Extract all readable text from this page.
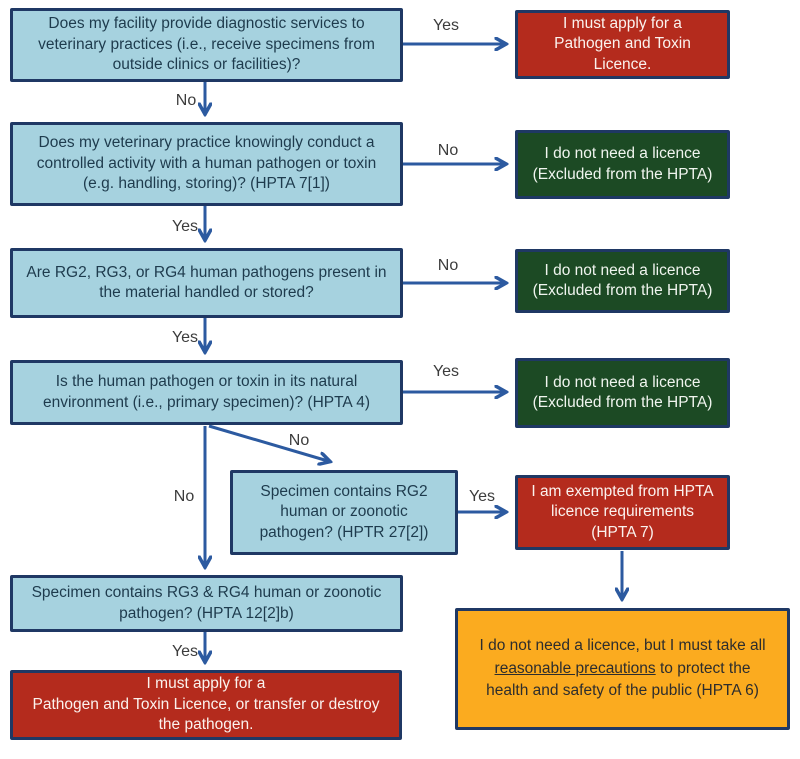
Does my facility provide diagnostic services to veterinary practices (i.e., receive specimens from outside clinics or facilities)?
Does my veterinary practice knowingly conduct a controlled activity with a human pathogen or toxin (e.g. handling, storing)? (HPTA 7[1])
Are RG2, RG3, or RG4 human pathogens present in the material handled or stored?
Is the human pathogen or toxin in its natural environment (i.e., primary specimen)? (HPTA 4)
Specimen contains RG2 human or zoonotic pathogen? (HPTR 27[2])
Specimen contains RG3 & RG4 human or zoonotic pathogen? (HPTA 12[2]b)
I must apply for a Pathogen and Toxin Licence.
I do not need a licence (Excluded from the HPTA)
I do not need a licence (Excluded from the HPTA)
I do not need a licence (Excluded from the HPTA)
I am exempted from HPTA licence requirements (HPTA 7)
I do not need a licence, but I must take all reasonable precautions to protect the health and safety of the public (HPTA 6)
I must apply for a
Pathogen and Toxin Licence, or transfer or destroy the pathogen.
Yes
No
No
Yes
No
Yes
Yes
No
No	Yes
Yes
